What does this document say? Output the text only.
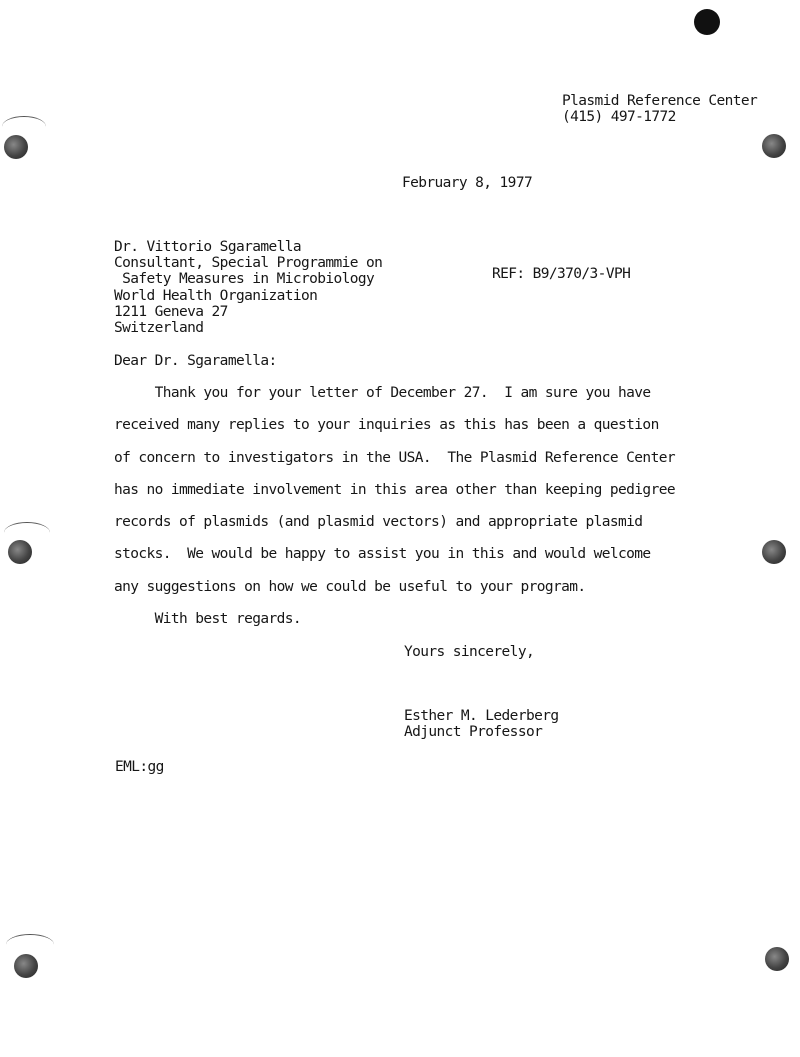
Plasmid Reference Center
(415) 497-1772
February 8, 1977
Dr. Vittorio Sgaramella
Consultant, Special Programmie on
Safety Measures in Microbiology
World Health Organization
1211 Geneva 27
Switzerland
REF: B9/370/3-VPH
Dear Dr. Sgaramella:
Thank you for your letter of December 27.  I am sure you have
received many replies to your inquiries as this has been a question
of concern to investigators in the USA.  The Plasmid Reference Center
has no immediate involvement in this area other than keeping pedigree
records of plasmids (and plasmid vectors) and appropriate plasmid
stocks.  We would be happy to assist you in this and would welcome
any suggestions on how we could be useful to your program.
With best regards.
Yours sincerely,
Esther M. Lederberg
Adjunct Professor
EML:gg
